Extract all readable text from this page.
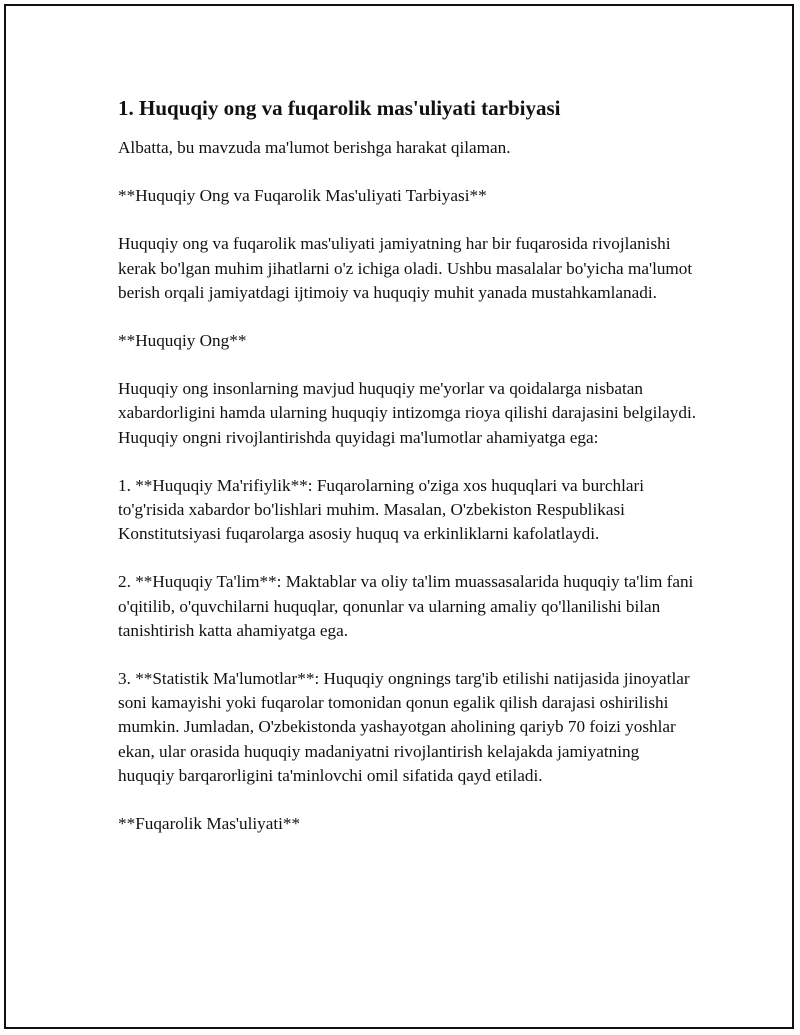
1. Huquqiy ong va fuqarolik mas'uliyati tarbiyasi

Albatta, bu mavzuda ma'lumot berishga harakat qilaman.

**Huquqiy Ong va Fuqarolik Mas'uliyati Tarbiyasi**

Huquqiy ong va fuqarolik mas'uliyati jamiyatning har bir fuqarosida rivojlanishi kerak bo'lgan muhim jihatlarni o'z ichiga oladi. Ushbu masalalar bo'yicha ma'lumot berish orqali jamiyatdagi ijtimoiy va huquqiy muhit yanada mustahkamlanadi.

**Huquqiy Ong**

Huquqiy ong insonlarning mavjud huquqiy me'yorlar va qoidalarga nisbatan xabardorligini hamda ularning huquqiy intizomga rioya qilishi darajasini belgilaydi. Huquqiy ongni rivojlantirishda quyidagi ma'lumotlar ahamiyatga ega:

1. **Huquqiy Ma'rifiylik**: Fuqarolarning o'ziga xos huquqlari va burchlari to'g'risida xabardor bo'lishlari muhim. Masalan, O'zbekiston Respublikasi Konstitutsiyasi fuqarolarga asosiy huquq va erkinliklarni kafolatlaydi.

2. **Huquqiy Ta'lim**: Maktablar va oliy ta'lim muassasalarida huquqiy ta'lim fani o'qitilib, o'quvchilarni huquqlar, qonunlar va ularning amaliy qo'llanilishi bilan tanishtirish katta ahamiyatga ega.

3. **Statistik Ma'lumotlar**: Huquqiy ongnings targ'ib etilishi natijasida jinoyatlar soni kamayishi yoki fuqarolar tomonidan qonun egalik qilish darajasi oshirilishi mumkin. Jumladan, O'zbekistonda yashayotgan aholining qariyb 70 foizi yoshlar ekan, ular orasida huquqiy madaniyatni rivojlantirish kelajakda jamiyatning huquqiy barqarorligini ta'minlovchi omil sifatida qayd etiladi.

**Fuqarolik Mas'uliyati**
